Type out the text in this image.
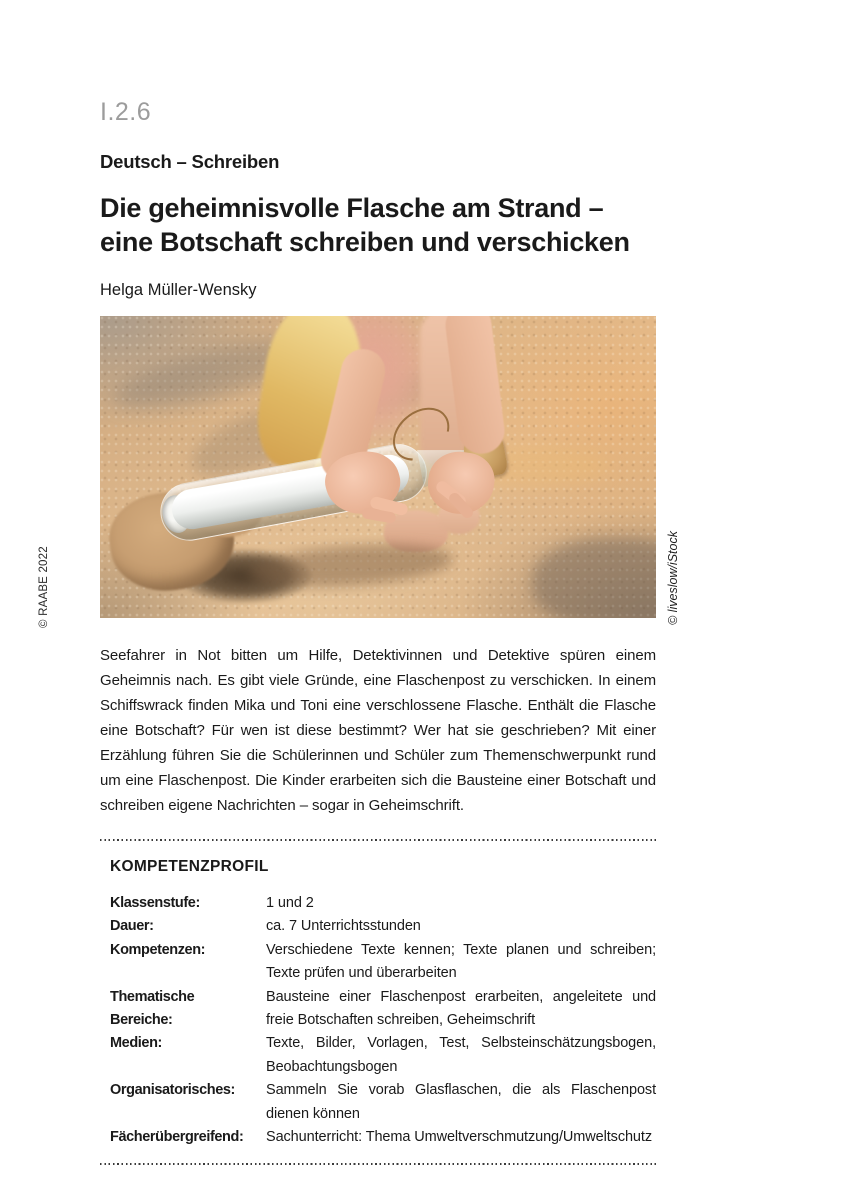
© RAABE 2022
I.2.6
Deutsch – Schreiben
Die geheimnisvolle Flasche am Strand –
eine Botschaft schreiben und verschicken
Helga Müller-Wensky

Seefahrer in Not bitten um Hilfe, Detektivinnen und Detektive spüren einem Geheimnis nach. Es gibt viele Gründe, eine Flaschenpost zu verschicken. In einem Schiffswrack finden Mika und Toni eine verschlossene Flasche. Enthält die Flasche eine Botschaft? Für wen ist diese bestimmt? Wer hat sie geschrieben? Mit einer Erzählung führen Sie die Schülerinnen und Schüler zum Themenschwerpunkt rund um eine Flaschenpost. Die Kinder erarbeiten sich die Bausteine einer Botschaft und schreiben eigene Nachrichten – sogar in Geheimschrift.

KOMPETENZPROFIL
Klassenstufe:	1 und 2
Dauer:	ca. 7 Unterrichtsstunden
Kompetenzen:	Verschiedene Texte kennen; Texte planen und schreiben; Texte prüfen und überarbeiten
Thematische Bereiche:
Bausteine einer Flaschenpost erarbeiten, angeleitete und freie Botschaften schreiben, Geheimschrift
Medien:	Texte, Bilder, Vorlagen, Test, Selbsteinschätzungsbogen, Beobachtungsbogen
Organisatorisches:	Sammeln Sie vorab Glasflaschen, die als Flaschenpost dienen können
Fächerübergreifend:	Sachunterricht: Thema Umweltverschmutzung/Umweltschutz
© liveslow/iStock
